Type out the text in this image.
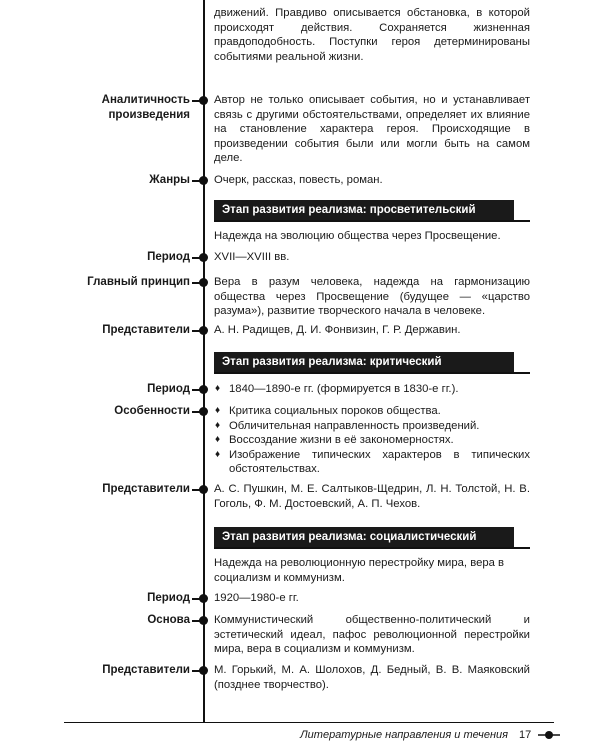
движений. Правдиво описывается обстановка, в которой происходят действия. Сохраняется жизненная правдоподобность. Поступки героя детерминированы событиями реальной жизни.

Аналитичность произведения

Автор не только описывает события, но и устанавливает связь с другими обстоятельствами, определяет их влияние на становление характера героя. Происходящие в произведении события были или могли быть на самом деле.

Жанры Очерк, рассказ, повесть, роман.

Этап развития реализма: просветительский

Надежда на эволюцию общества через Просвещение.

Период XVII—XVIII вв.

Главный принцип Вера в разум человека, надежда на гармонизацию общества через Просвещение (будущее — «царство разума»), развитие творческого начала в человеке.

Представители А. Н. Радищев, Д. И. Фонвизин, Г. Р. Державин.

Этап развития реализма: критический
Период	♦ 1840—1890-е гг. (формируется в 1830-е гг.).
Особенности	♦ Критика социальных пороков общества.
♦ Обличительная направленность произведений.
♦ Воссоздание жизни в её закономерностях.
♦ Изображение типических характеров в типических обстоятельствах.
Представители А. С. Пушкин, М. Е. Салтыков-Щедрин, Л. Н. Толстой, Н. В. Гоголь, Ф. М. Достоевский, А. П. Чехов.

Этап развития реализма: социалистический

Надежда на революционную перестройку мира, вера в социализм и коммунизм.

Период 1920—1980-е гг.

Основа Коммунистический общественно-политический и эстетический идеал, пафос революционной перестройки мира, вера в социализм и коммунизм.

Представители М. Горький, М. А. Шолохов, Д. Бедный, В. В. Маяковский (позднее творчество).

Литературные направления и течения 17
